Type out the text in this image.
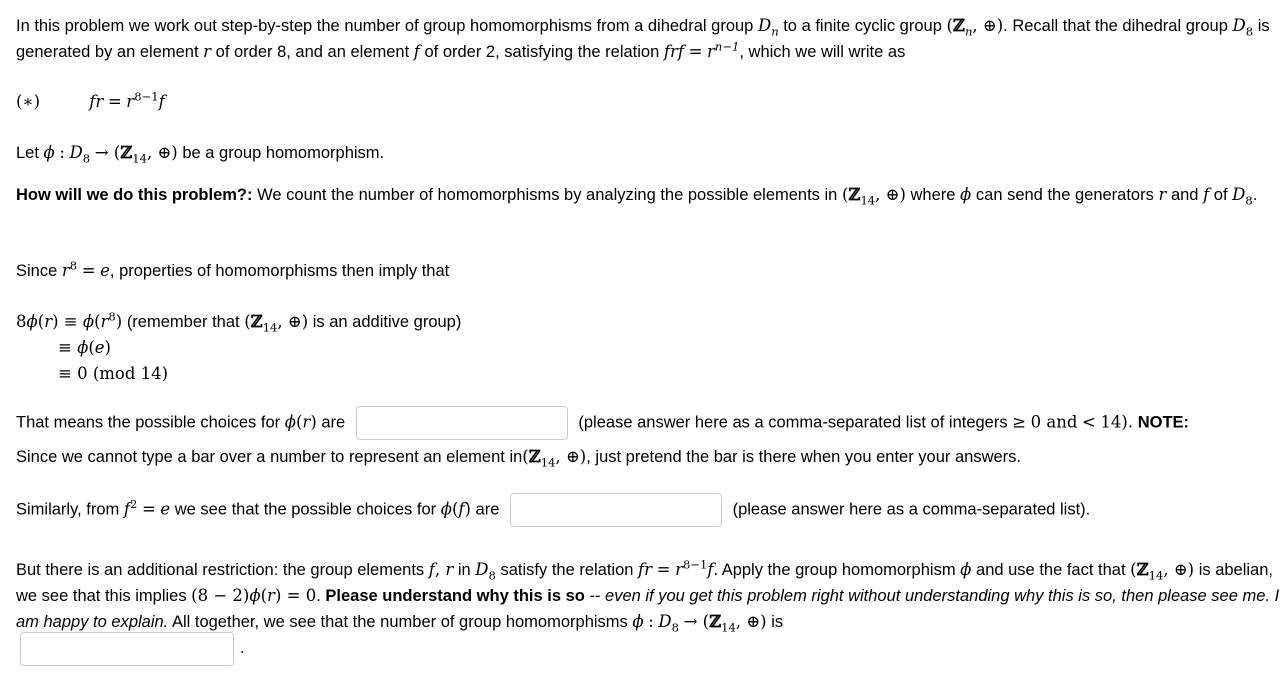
In this problem we work out step-by-step the number of group homomorphisms from a dihedral group $D_n$ to a finite cyclic group (ℤ$_n$, ⊕). Recall that the dihedral group $D_8$ is generated by an element r of order 8, and an element f of order 2, satisfying the relation frf = $r^{n-1}$, which we will write as
(∗)	fr = $r^{8-1}f$
Let ϕ : $D_8$ → (ℤ$_{14}$, ⊕) be a group homomorphism.
How will we do this problem?: We count the number of homomorphisms by analyzing the possible elements in (ℤ$_{14}$, ⊕) where ϕ can send the generators r and f of $D_8$.
Since $r^8 = e$, properties of homomorphisms then imply that
$8\phi(r) \equiv \phi(r^8)$ (remember that (ℤ$_{14}$, ⊕) is an additive group)
≡ ϕ(e)
≡ 0 (mod 14)
That means the possible choices for ϕ(r) are	(please answer here as a comma-separated list of integers ≥ 0 and < 14). NOTE:
Since we cannot type a bar over a number to represent an element in(ℤ$_{14}$, ⊕), just pretend the bar is there when you enter your answers.
Similarly, from $f^2 = e$ we see that the possible choices for ϕ(f) are	(please answer here as a comma-separated list).
But there is an additional restriction: the group elements f, r in $D_8$ satisfy the relation fr = $r^{8-1}f$. Apply the group homomorphism ϕ and use the fact that (ℤ$_{14}$, ⊕) is abelian, we see that this implies (8 − 2)ϕ(r) = 0. Please understand why this is so -- even if you get this problem right without understanding why this is so, then please see me. I am happy to explain. All together, we see that the number of group homomorphisms ϕ : $D_8$ → (ℤ$_{14}$, ⊕) is
.
